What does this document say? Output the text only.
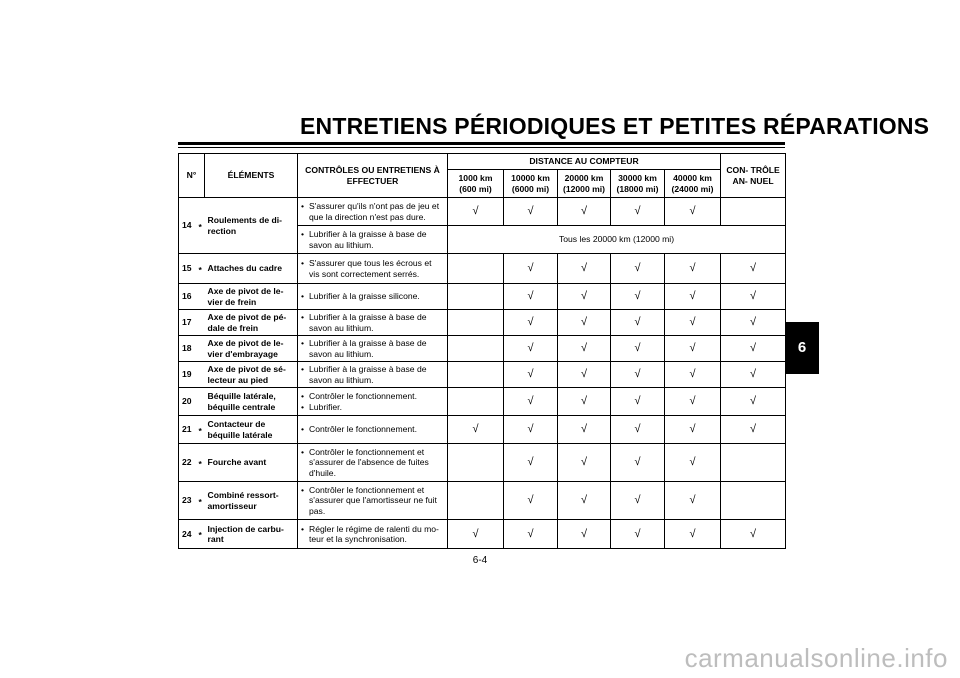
ENTRETIENS PÉRIODIQUES ET PETITES RÉPARATIONS
6
N°		ÉLÉMENTS	CONTRÔLES OU ENTRETIENS À EFFECTUER	DISTANCE AU COMPTEUR					CON- TRÔLE AN- NUEL
				1000 km (600 mi)	10000 km (6000 mi)	20000 km (12000 mi)	30000 km (18000 mi)	40000 km (24000 mi)	
14	*	Roulements de di- rection	• S'assurer qu'ils n'ont pas de jeu et que la direction n'est pas dure.	√	√	√	√	√	

			• Lubrifier à la graisse à base de savon au lithium.	Tous les 20000 km (12000 mi)					
15	*	Attaches du cadre	• S'assurer que tous les écrous et vis sont correctement serrés.		√	√	√	√	√
16		Axe de pivot de le- vier de frein	• Lubrifier à la graisse silicone.		√	√	√	√	√
17		Axe de pivot de pé- dale de frein	• Lubrifier à la graisse à base de savon au lithium.		√	√	√	√	√
18		Axe de pivot de le- vier d'embrayage	• Lubrifier à la graisse à base de savon au lithium.		√	√	√	√	√
19		Axe de pivot de sé- lecteur au pied	• Lubrifier à la graisse à base de savon au lithium.		√	√	√	√	√
20		Béquille latérale, béquille centrale	• Contrôler le fonctionnement.
• Lubrifier.		√	√	√	√	√
21	*	Contacteur de béquille latérale	• Contrôler le fonctionnement.	√	√	√	√	√	√
22	*	Fourche avant	• Contrôler le fonctionnement et s'assurer de l'absence de fuites d'huile.		√	√	√	√	
23	*	Combiné ressort- amortisseur	• Contrôler le fonctionnement et s'assurer que l'amortisseur ne fuit pas.		√	√	√	√	
24	*	Injection de carbu- rant	• Régler le régime de ralenti du mo- teur et la synchronisation.	√	√	√	√	√	√
6-4
carmanualsonline.info
